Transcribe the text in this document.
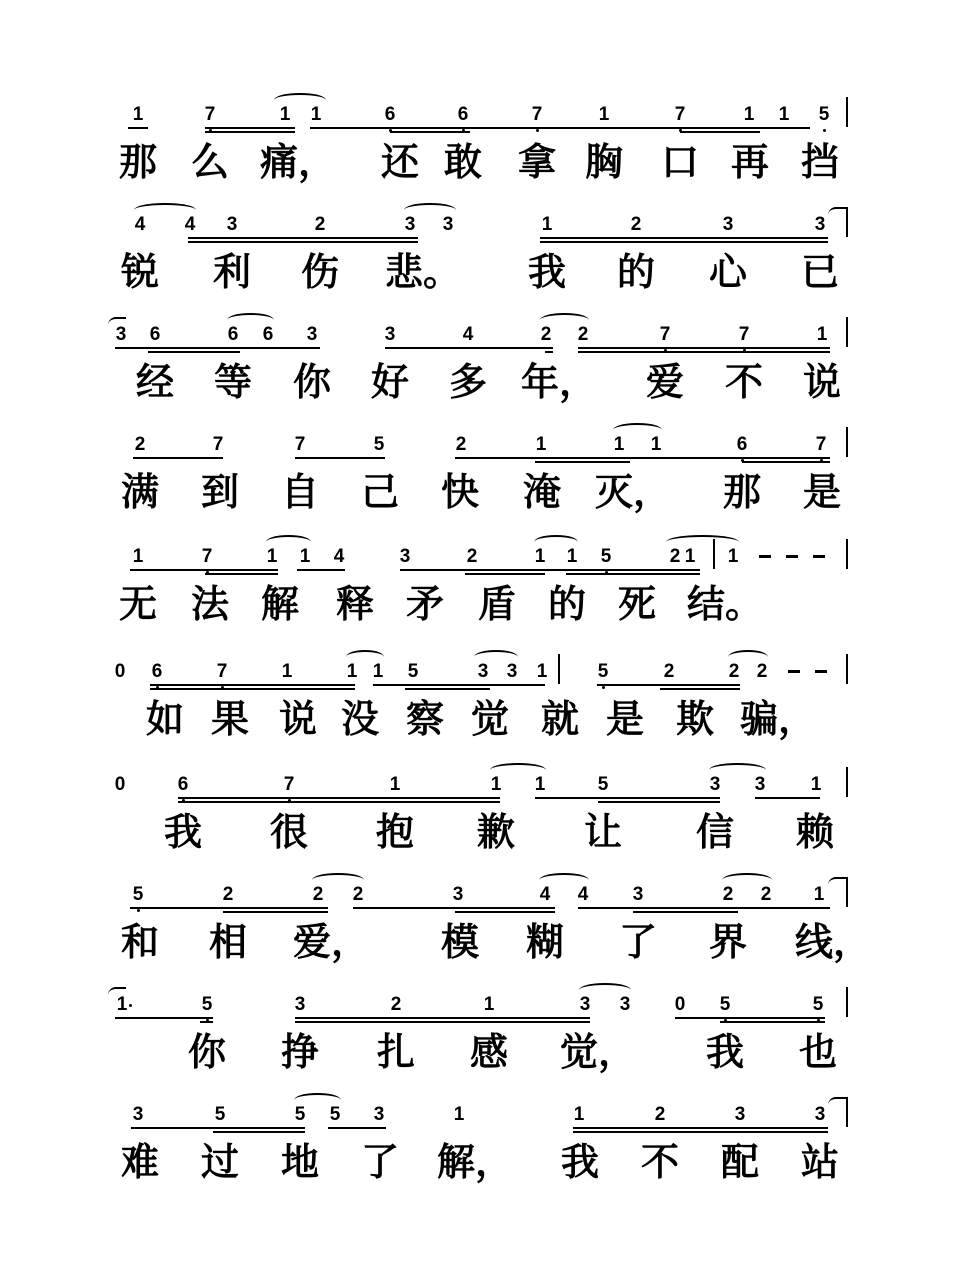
1	7	1 1	6	6	7	1	7	1 1 5
那 么 痛， 还 敢 拿 胸 口 再 挡
4 4 3	2	3 3	1	2	3	3
锐 利 伤 悲。 我 的 心 已
3 6	6 6 3	3	4	2 2	7	7	1
经 等 你 好 多 年， 爱 不 说
2	7	7	5	2	1	1 1	6	7
满 到 自 己 快 淹 灭， 那 是
1	7	1 1 4	3	2	1 1 5	2 1 1
无 法 解 释 矛 盾 的 死 结。
0 6	7	1	1 1 5	3 3 1	5	2	2 2
如 果 说 没 察 觉 就 是 欺 骗，
0	6	7	1	1 1	5	3 3 1
我 很 抱 歉 让 信 赖
5	2	2 2	3	4 4 3	2 2 1
和 相 爱， 模 糊 了 界 线，
1	5	3	2	1	3 3 0 5	5
你 挣 扎 感 觉， 我 也
3	5	5 5 3	1	1	2	3	3
难 过 地 了 解， 我 不 配 站
